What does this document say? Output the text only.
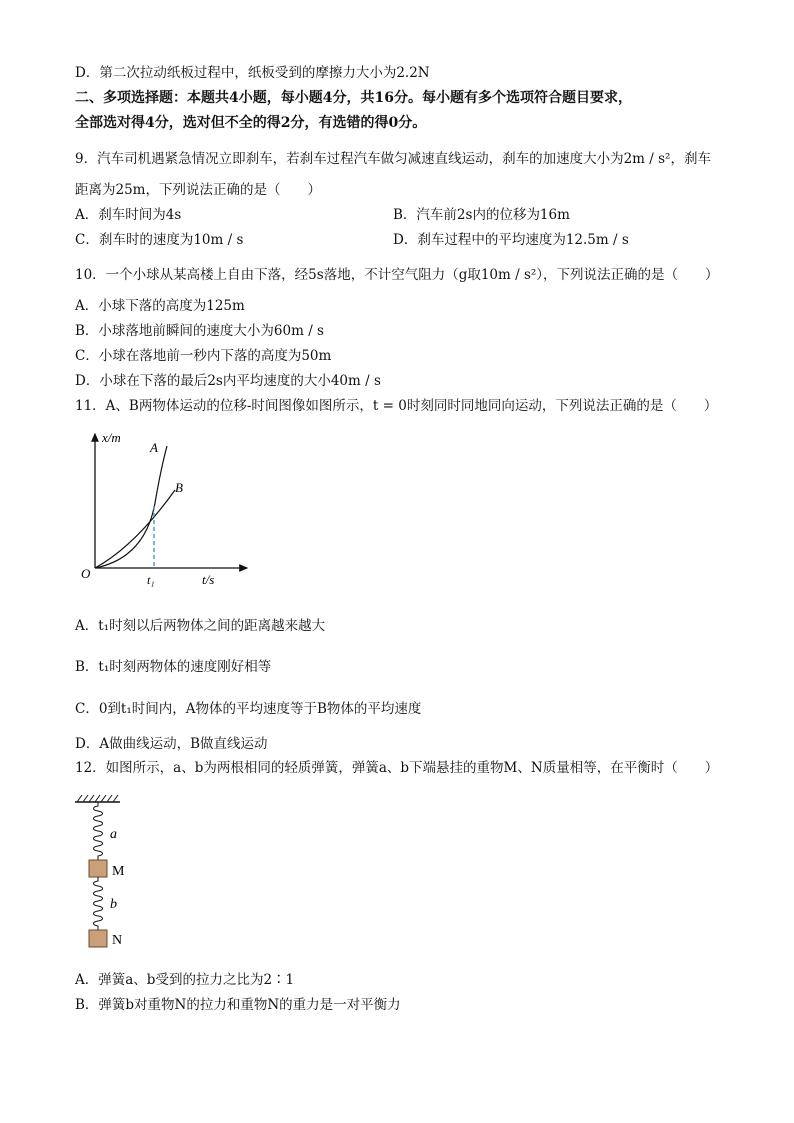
D．第二次拉动纸板过程中，纸板受到的摩擦力大小为2.2N
二、多项选择题：本题共4小题，每小题4分，共16分。每小题有多个选项符合题目要求，
全部选对得4分，选对但不全的得2分，有选错的得0分。
9．汽车司机遇紧急情况立即刹车，若刹车过程汽车做匀减速直线运动，刹车的加速度大小为2m / s²，刹车
距离为25m，下列说法正确的是（　　）
A．刹车时间为4s	B．汽车前2s内的位移为16m
C．刹车时的速度为10m / s	D．刹车过程中的平均速度为12.5m / s
10．一个小球从某高楼上自由下落，经5s落地，不计空气阻力（g取10m / s²），下列说法正确的是（　　）
A．小球下落的高度为125m
B．小球落地前瞬间的速度大小为60m / s
C．小球在落地前一秒内下落的高度为50m
D．小球在下落的最后2s内平均速度的大小40m / s
11．A、B两物体运动的位移-时间图像如图所示，t = 0时刻同时同地同向运动，下列说法正确的是（　　）
x/m
t/s
O
A
B
t₁
A．t₁时刻以后两物体之间的距离越来越大
B．t₁时刻两物体的速度刚好相等
C．0到t₁时间内，A物体的平均速度等于B物体的平均速度
D．A做曲线运动，B做直线运动
12．如图所示，a、b为两根相同的轻质弹簧，弹簧a、b下端悬挂的重物M、N质量相等，在平衡时（　　）
a
M
b
N
A．弹簧a、b受到的拉力之比为2∶1
B．弹簧b对重物N的拉力和重物N的重力是一对平衡力
